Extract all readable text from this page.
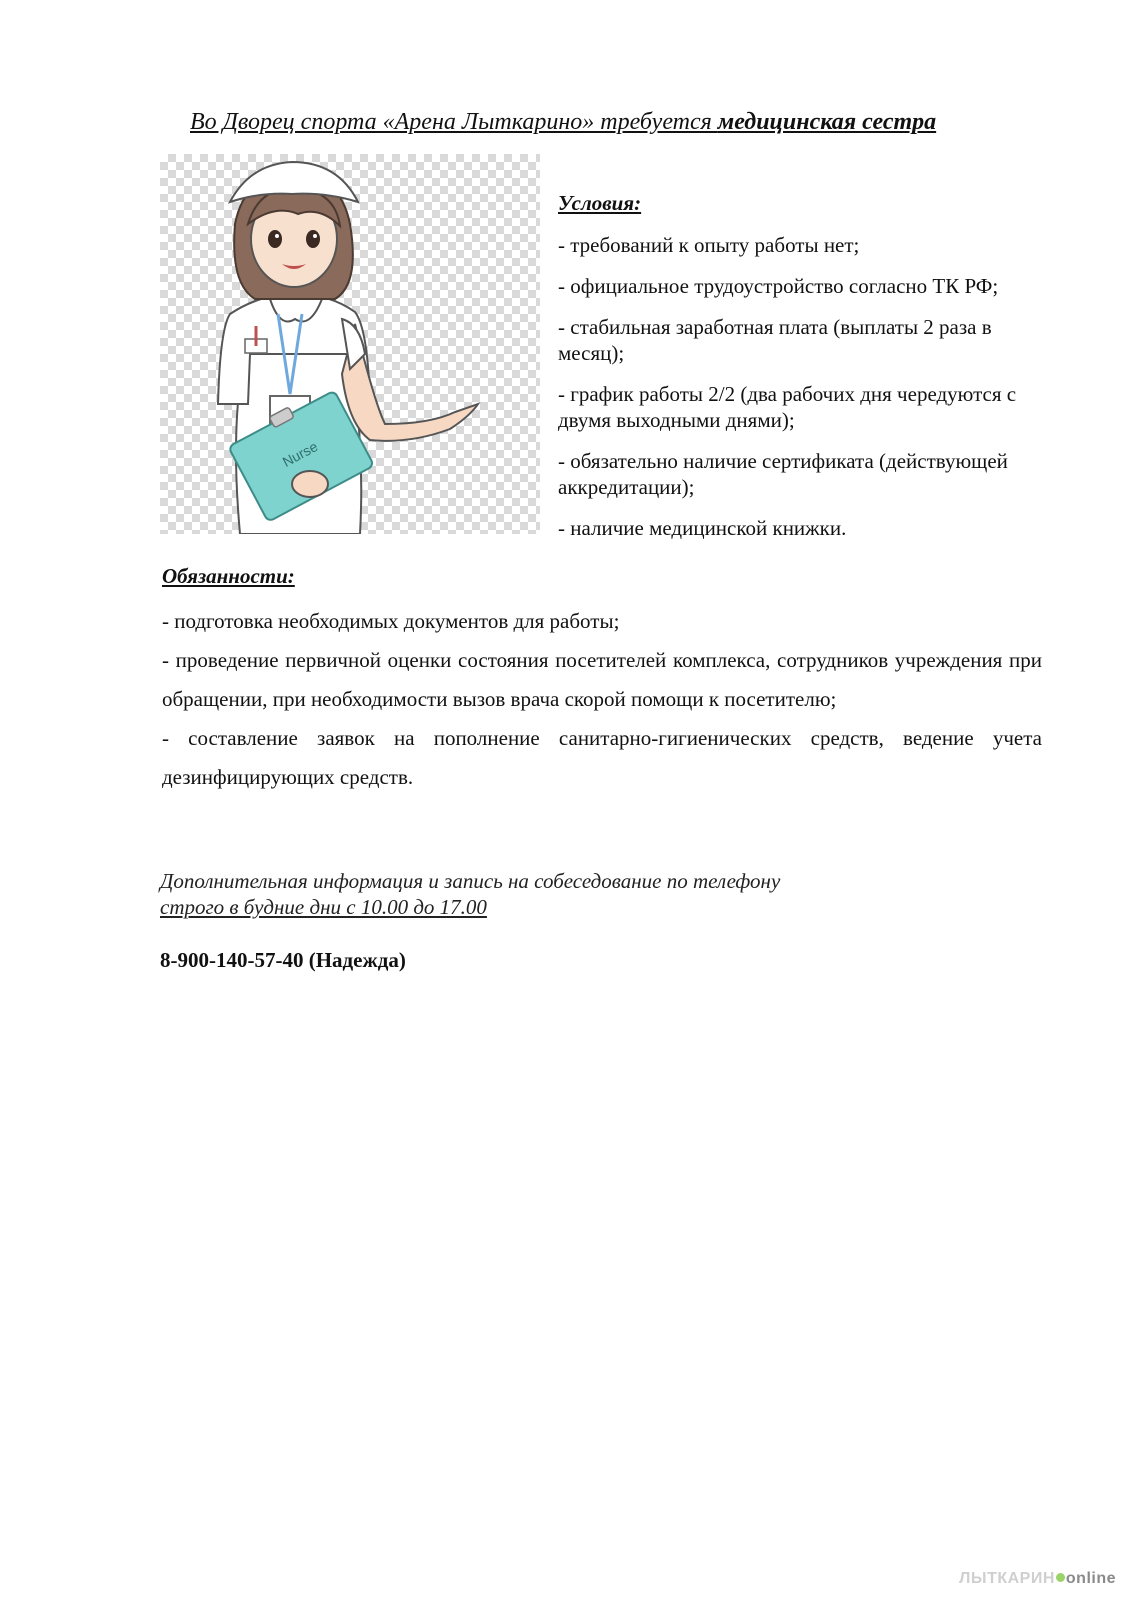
Во Дворец спорта «Арена Лыткарино» требуется медицинская сестра
Nurse
Условия:
- требований к опыту работы нет;
- официальное трудоустройство согласно ТК РФ;
- стабильная заработная плата (выплаты 2 раза в месяц);
- график работы 2/2 (два рабочих дня чередуются с двумя выходными днями);
- обязательно наличие сертификата (действующей аккредитации);
- наличие медицинской книжки.
Обязанности:
- подготовка необходимых документов для работы;
- проведение первичной оценки состояния посетителей комплекса, сотрудников учреждения при обращении, при необходимости вызов врача скорой помощи к посетителю;
- составление заявок на пополнение санитарно-гигиенических средств, ведение учета дезинфицирующих средств.
Дополнительная информация и запись на собеседование по телефону
строго в будние дни с 10.00 до 17.00
8-900-140-57-40 (Надежда)
ЛЫТКАРИН online
